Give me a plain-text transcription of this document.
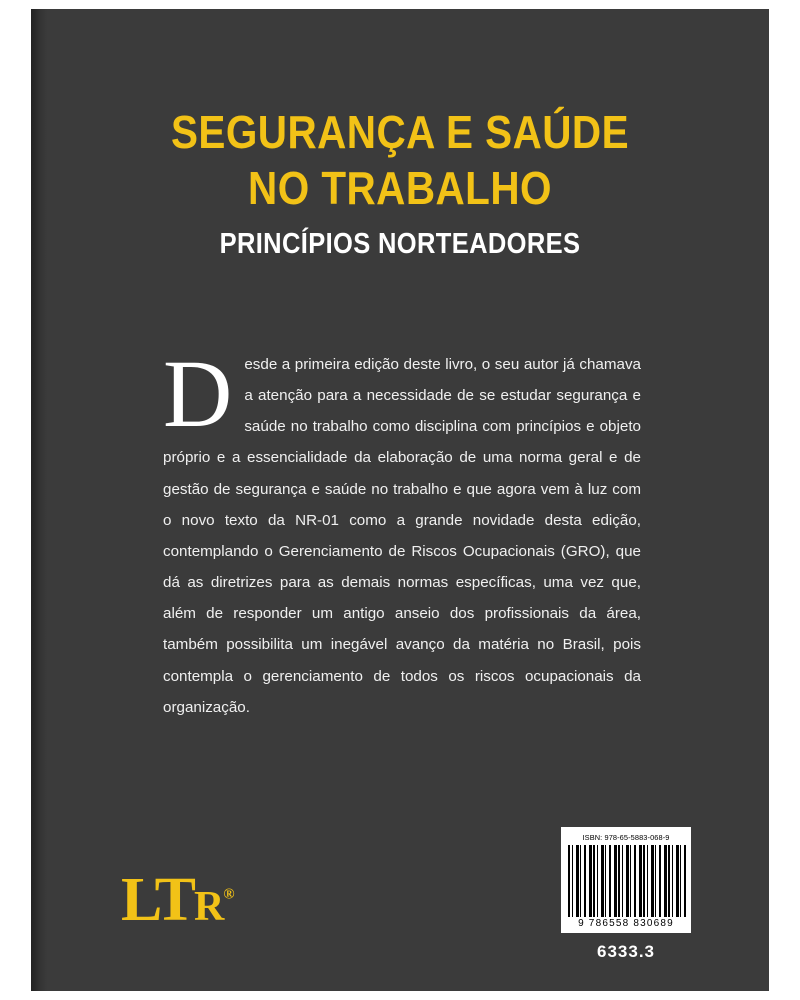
SEGURANÇA E SAÚDE
NO TRABALHO
PRINCÍPIOS NORTEADORES
Desde a primeira edição deste livro, o seu autor já chamava a atenção para a necessidade de se estudar segurança e saúde no trabalho como disciplina com princípios e objeto próprio e a essencialidade da elaboração de uma norma geral e de gestão de segurança e saúde no trabalho e que agora vem à luz com o novo texto da NR-01 como a grande novidade desta edição, contemplando o Gerenciamento de Riscos Ocupacionais (GRO), que dá as diretrizes para as demais normas específicas, uma vez que, além de responder um antigo anseio dos profissionais da área, também possibilita um inegável avanço da matéria no Brasil, pois contempla o gerenciamento de todos os riscos ocupacionais da organização.
LTR®
ISBN: 978-65-5883-068-9
9 786558 830689
6333.3
